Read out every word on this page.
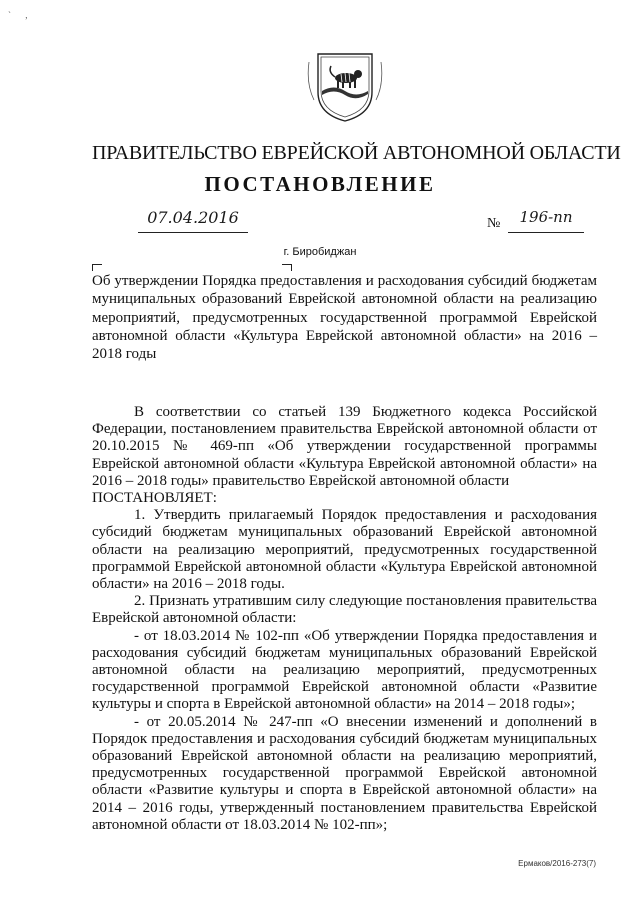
` ,
ПРАВИТЕЛЬСТВО ЕВРЕЙСКОЙ АВТОНОМНОЙ ОБЛАСТИ
ПОСТАНОВЛЕНИЕ
07.04.2016	№	196-пп
г. Биробиджан
Об утверждении Порядка предоставления и расходования субсидий бюджетам муниципальных образований Еврейской автономной области на реализацию мероприятий, предусмотренных государственной программой Еврейской автономной области «Культура Еврейской автономной области» на 2016 – 2018 годы

В соответствии со статьей 139 Бюджетного кодекса Российской Федерации, постановлением правительства Еврейской автономной области от 20.10.2015 № 469-пп «Об утверждении государственной программы Еврейской автономной области «Культура Еврейской автономной области» на 2016 – 2018 годы» правительство Еврейской автономной области

ПОСТАНОВЛЯЕТ:

1. Утвердить прилагаемый Порядок предоставления и расходования субсидий бюджетам муниципальных образований Еврейской автономной области на реализацию мероприятий, предусмотренных государственной программой Еврейской автономной области «Культура Еврейской автономной области» на 2016 – 2018 годы.

2. Признать утратившим силу следующие постановления правительства Еврейской автономной области:

- от 18.03.2014 № 102-пп «Об утверждении Порядка предоставления и расходования субсидий бюджетам муниципальных образований Еврейской автономной области на реализацию мероприятий, предусмотренных государственной программой Еврейской автономной области «Развитие культуры и спорта в Еврейской автономной области» на 2014 – 2018 годы»;

- от 20.05.2014 № 247-пп «О внесении изменений и дополнений в Порядок предоставления и расходования субсидий бюджетам муниципальных образований Еврейской автономной области на реализацию мероприятий, предусмотренных государственной программой Еврейской автономной области «Развитие культуры и спорта в Еврейской автономной области» на 2014 – 2016 годы, утвержденный постановлением правительства Еврейской автономной области от 18.03.2014 № 102-пп»;

Ермаков/2016-273(7)
